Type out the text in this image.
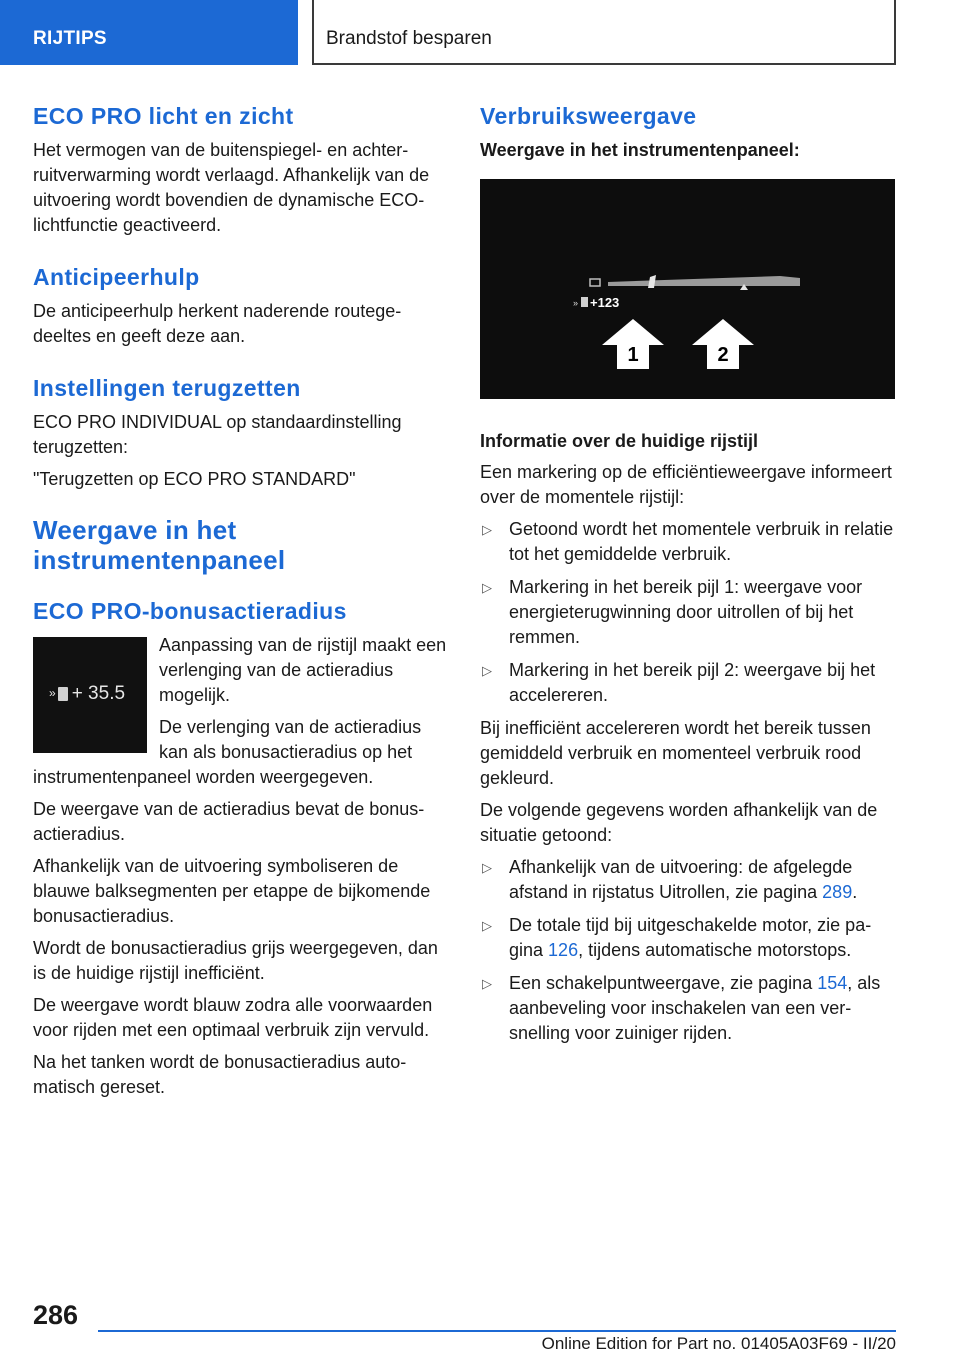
RIJTIPS	Brandstof besparen
ECO PRO licht en zicht

Het vermogen van de buitenspiegel- en achterruitverwarming wordt verlaagd. Afhankelijk van de uitvoering wordt bovendien de dynamische ECO-lichtfunctie geactiveerd.

Anticipeerhulp

De anticipeerhulp herkent naderende routegedeeltes en geeft deze aan.

Instellingen terugzetten

ECO PRO INDIVIDUAL op standaardinstelling terugzetten:

"Terugzetten op ECO PRO STANDARD"

Weergave in het instrumentenpaneel
ECO PRO-bonusactieradius
» + 35.5

Aanpassing van de rijstijl maakt een verlenging van de actieradius mogelijk.

De verlenging van de actieradius kan als bonusactieradius op het instrumentenpaneel worden weergegeven.

De weergave van de actieradius bevat de bonusactieradius.

Afhankelijk van de uitvoering symboliseren de blauwe balksegmenten per etappe de bijkomende bonusactieradius.

Wordt de bonusactieradius grijs weergegeven, dan is de huidige rijstijl inefficiënt.

De weergave wordt blauw zodra alle voorwaarden voor rijden met een optimaal verbruik zijn vervuld.

Na het tanken wordt de bonusactieradius automatisch gereset.

Verbruiksweergave
Weergave in het instrumentenpaneel:
» +123
1	2
Informatie over de huidige rijstijl

Een markering op de efficiëntieweergave informeert over de momentele rijstijl:

▷ Getoond wordt het momentele verbruik in relatie tot het gemiddelde verbruik.
▷ Markering in het bereik pijl 1: weergave voor energieterugwinning door uitrollen of bij het remmen.
▷ Markering in het bereik pijl 2: weergave bij het accelereren.

Bij inefficiënt accelereren wordt het bereik tussen gemiddeld verbruik en momenteel verbruik rood gekleurd.

De volgende gegevens worden afhankelijk van de situatie getoond:

▷ Afhankelijk van de uitvoering: de afgelegde afstand in rijstatus Uitrollen, zie pagina 289.
▷ De totale tijd bij uitgeschakelde motor, zie pagina 126, tijdens automatische motorstops.
▷ Een schakelpuntweergave, zie pagina 154, als aanbeveling voor inschakelen van een versnelling voor zuiniger rijden.
286
Online Edition for Part no. 01405A03F69 - II/20
